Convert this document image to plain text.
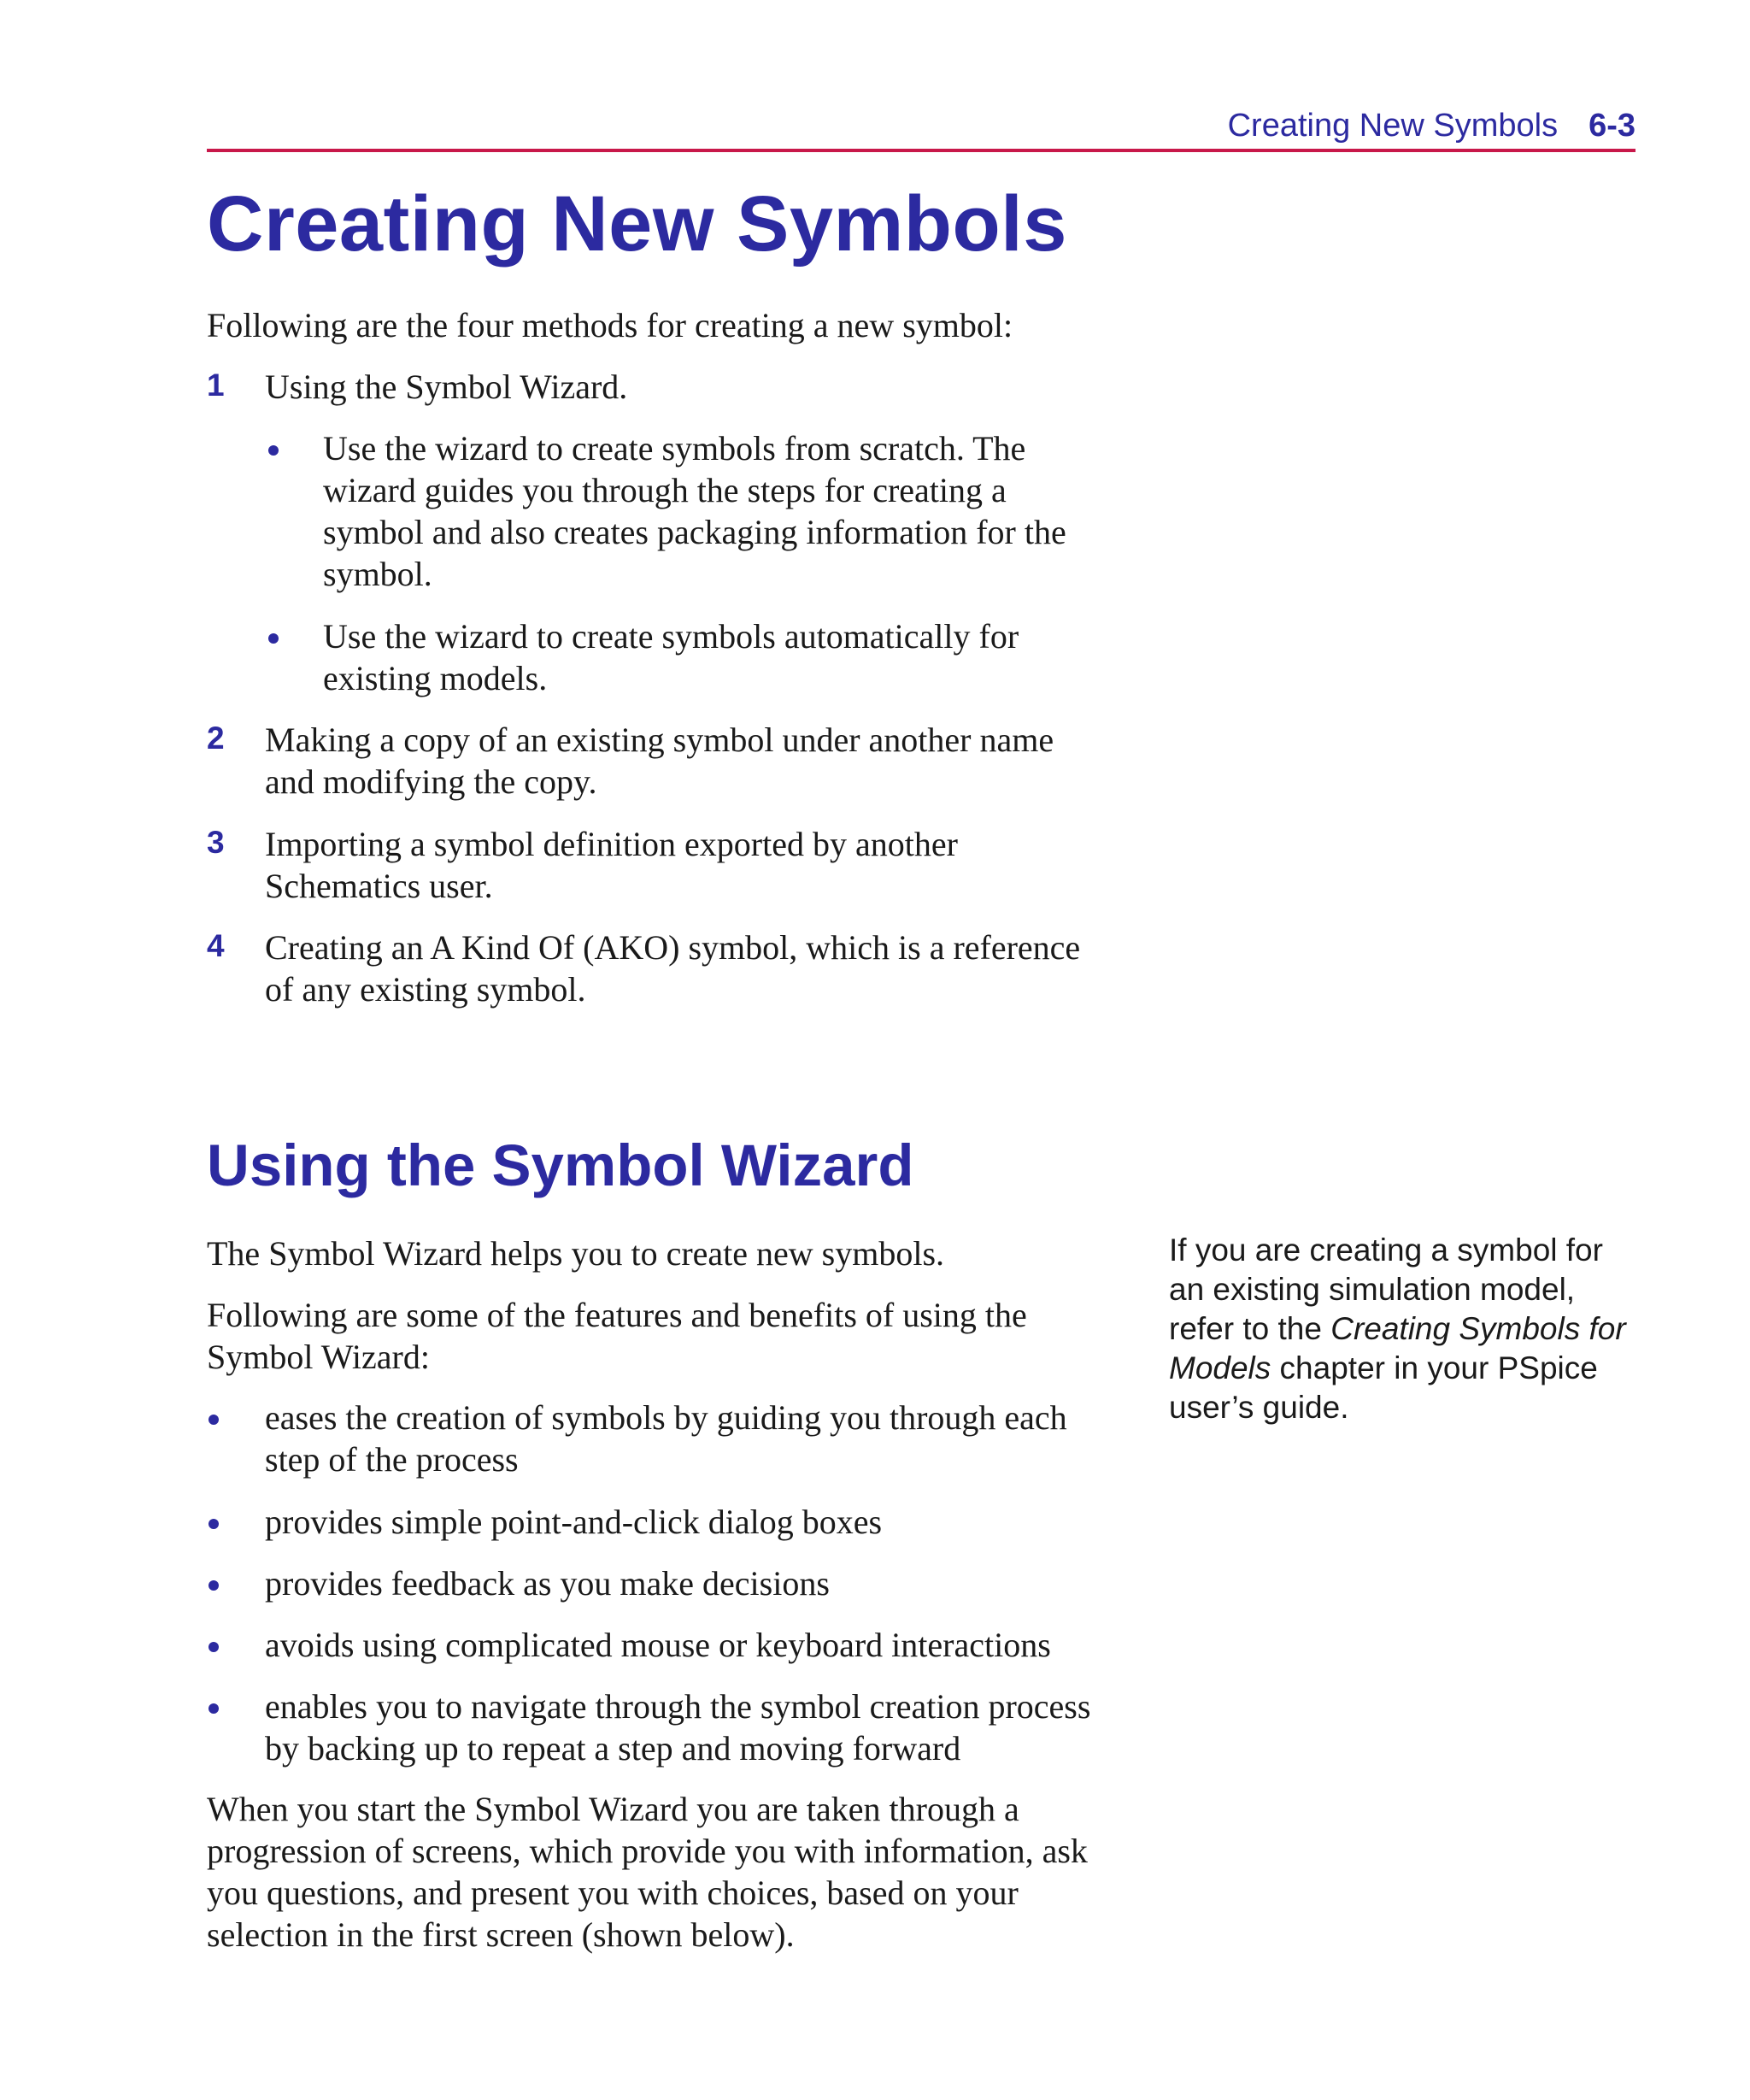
Creating New Symbols 6-3
Creating New Symbols
Following are the four methods for creating a new symbol:
1 Using the Symbol Wizard.
Use the wizard to create symbols from scratch. The
wizard guides you through the steps for creating a
symbol and also creates packaging information for the
symbol.
Use the wizard to create symbols automatically for
existing models.
2 Making a copy of an existing symbol under another name
and modifying the copy.
3 Importing a symbol definition exported by another
Schematics user.
4 Creating an A Kind Of (AKO) symbol, which is a reference
of any existing symbol.
Using the Symbol Wizard
The Symbol Wizard helps you to create new symbols.
Following are some of the features and benefits of using the
Symbol Wizard:
eases the creation of symbols by guiding you through each
step of the process
provides simple point-and-click dialog boxes
provides feedback as you make decisions
avoids using complicated mouse or keyboard interactions
enables you to navigate through the symbol creation process
by backing up to repeat a step and moving forward
When you start the Symbol Wizard you are taken through a
progression of screens, which provide you with information, ask
you questions, and present you with choices, based on your
selection in the first screen (shown below).
If you are creating a symbol for
an existing simulation model,
refer to the Creating Symbols for
Models chapter in your PSpice
user’s guide.
